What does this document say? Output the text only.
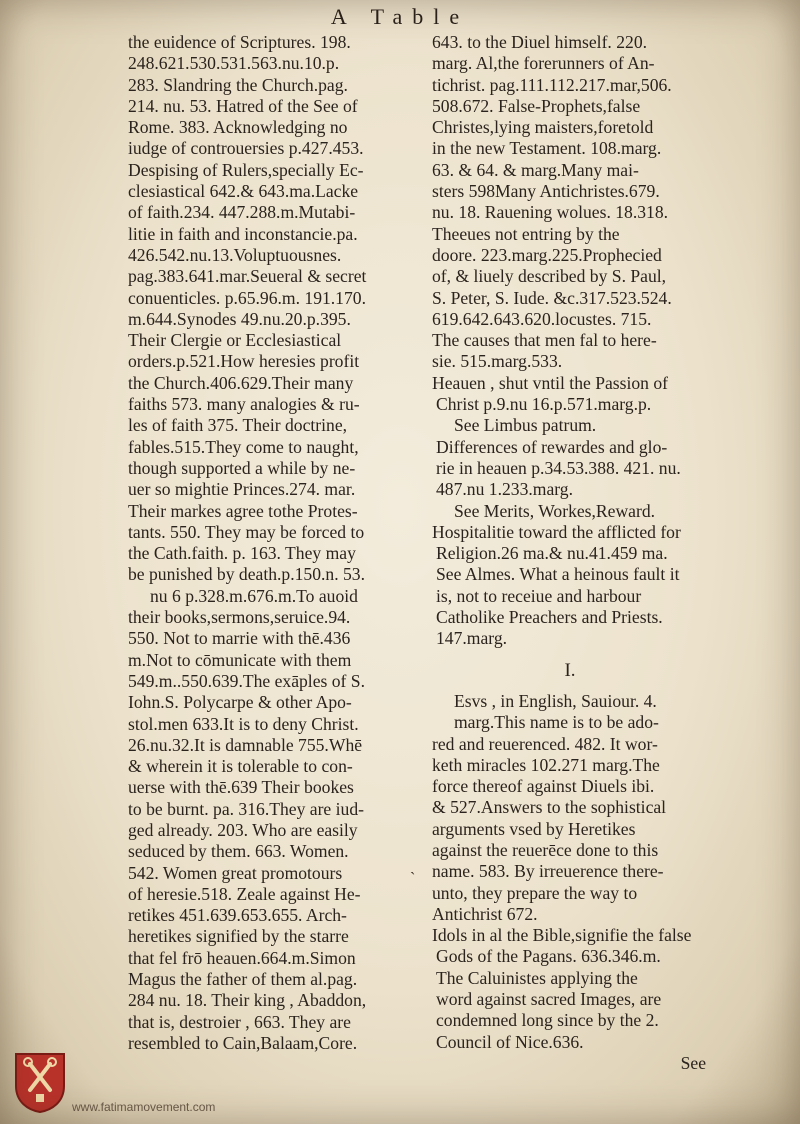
A Table
the euidence of Scriptures. 198.
248.621.530.531.563.nu.10.p.
283. Slandring the Church.pag.
214. nu. 53. Hatred of the See of
Rome. 383. Acknowledging no
iudge of controuersies p.427.453.
Despising of Rulers,specially Ec-
clesiastical 642.& 643.ma.Lacke
of faith.234. 447.288.m.Mutabi-
litie in faith and inconstancie.pa.
426.542.nu.13.Voluptuousnes.
pag.383.641.mar.Seueral & secret
conuenticles. p.65.96.m. 191.170.
m.644.Synodes 49.nu.20.p.395.
Their Clergie or Ecclesiastical
orders.p.521.How heresies profit
the Church.406.629.Their many
faiths 573. many analogies & ru-
les of faith 375. Their doctrine,
fables.515.They come to naught,
though supported a while by ne-
uer so mightie Princes.274. mar.
Their markes agree tothe Protes-
tants. 550. They may be forced to
the Cath.faith. p. 163. They may
be punished by death.p.150.n. 53.
nu 6 p.328.m.676.m.To auoid
their books,sermons,seruice.94.
550. Not to marrie with thē.436
m.Not to cōmunicate with them
549.m..550.639.The exāples of S.
Iohn.S. Polycarpe & other Apo-
stol.men 633.It is to deny Christ.
26.nu.32.It is damnable 755.Whē
& wherein it is tolerable to con-
uerse with thē.639 Their bookes
to be burnt. pa. 316.They are iud-
ged already. 203. Who are easily
seduced by them. 663. Women.
542. Women great promotours
of heresie.518. Zeale against He-
retikes 451.639.653.655. Arch-
heretikes signified by the starre
that fel frō heauen.664.m.Simon
Magus the father of them al.pag.
284 nu. 18. Their king , Abaddon,
that is, destroier , 663. They are
resembled to Cain,Balaam,Core.
643. to the Diuel himself. 220.
marg. Al,the forerunners of An-
tichrist. pag.111.112.217.mar,506.
508.672. False-Prophets,false
Christes,lying maisters,foretold
in the new Testament. 108.marg.
63. & 64. & marg.Many mai-
sters 598Many Antichristes.679.
nu. 18. Rauening wolues. 18.318.
Theeues not entring by the
doore. 223.marg.225.Prophecied
of, & liuely described by S. Paul,
S. Peter, S. Iude. &c.317.523.524.
619.642.643.620.locustes. 715.
The causes that men fal to here-
sie. 515.marg.533.
Heauen , shut vntil the Passion of
Christ p.9.nu 16.p.571.marg.p.
See Limbus patrum.
Differences of rewardes and glo-
rie in heauen p.34.53.388. 421. nu.
487.nu 1.233.marg.
See Merits, Workes,Reward.
Hospitalitie toward the afflicted for
Religion.26 ma.& nu.41.459 ma.
See Almes. What a heinous fault it
is, not to receiue and harbour
Catholike Preachers and Priests.
147.marg.
I.
Esvs , in English, Sauiour. 4.
marg.This name is to be ado-
red and reuerenced. 482. It wor-
keth miracles 102.271 marg.The
force thereof against Diuels ibi.
& 527.Answers to the sophistical
arguments vsed by Heretikes
against the reuerēce done to this
name. 583. By irreuerence there-
unto, they prepare the way to
Antichrist 672.
Idols in al the Bible,signifie the false
Gods of the Pagans. 636.346.m.
The Caluinistes applying the
word against sacred Images, are
condemned long since by the 2.
Council of Nice.636.
See
`
www.fatimamovement.com
